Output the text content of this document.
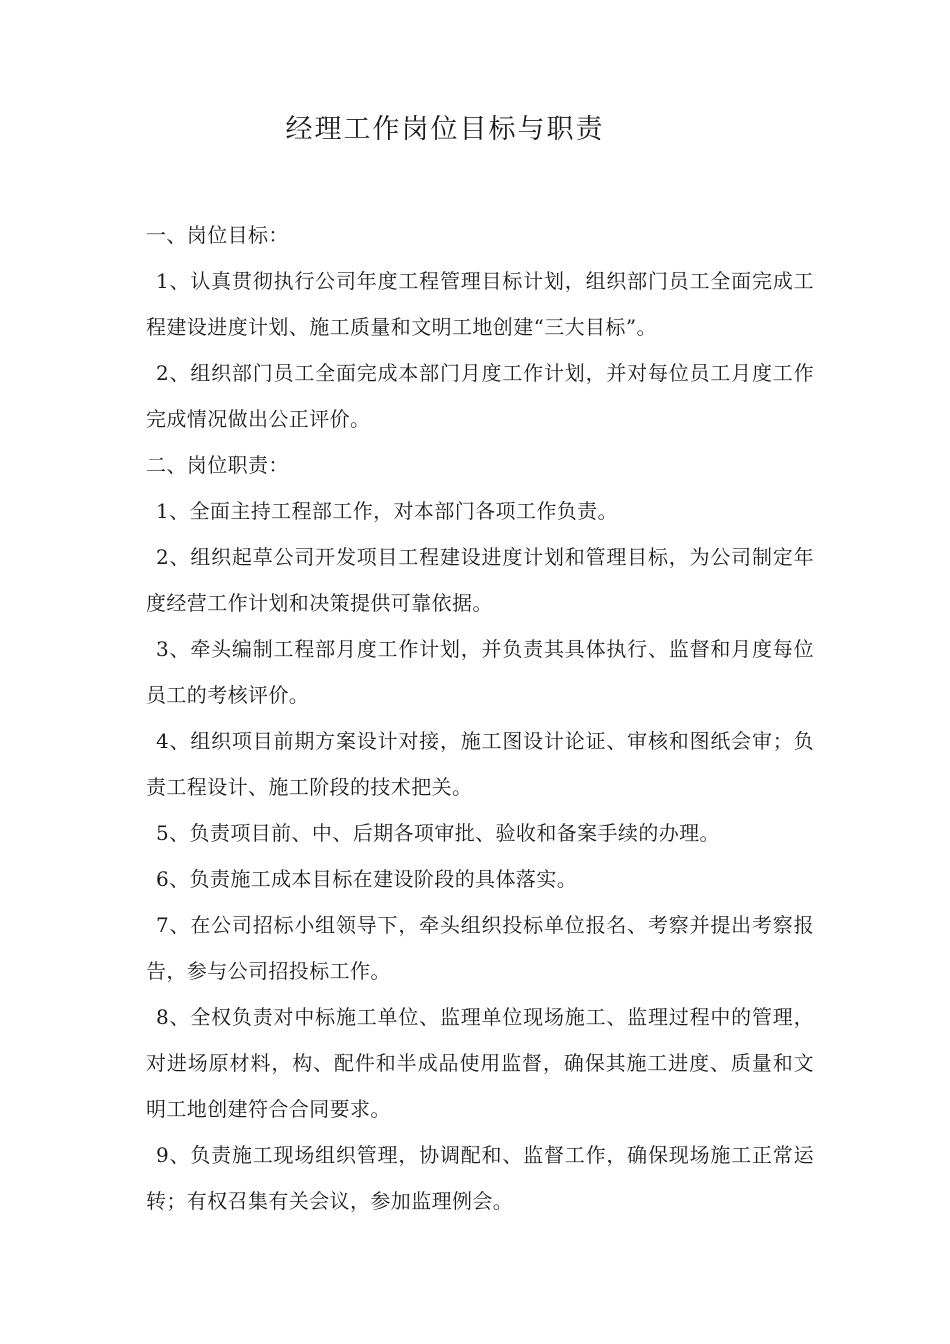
经理工作岗位目标与职责

一、岗位目标：

1、认真贯彻执行公司年度工程管理目标计划，组织部门员工全面完成工程建设进度计划、施工质量和文明工地创建“三大目标”。

2、组织部门员工全面完成本部门月度工作计划，并对每位员工月度工作完成情况做出公正评价。

二、岗位职责：

1、全面主持工程部工作，对本部门各项工作负责。

2、组织起草公司开发项目工程建设进度计划和管理目标，为公司制定年度经营工作计划和决策提供可靠依据。

3、牵头编制工程部月度工作计划，并负责其具体执行、监督和月度每位员工的考核评价。

4、组织项目前期方案设计对接，施工图设计论证、审核和图纸会审；负责工程设计、施工阶段的技术把关。

5、负责项目前、中、后期各项审批、验收和备案手续的办理。

6、负责施工成本目标在建设阶段的具体落实。

7、在公司招标小组领导下，牵头组织投标单位报名、考察并提出考察报告，参与公司招投标工作。

8、全权负责对中标施工单位、监理单位现场施工、监理过程中的管理，对进场原材料，构、配件和半成品使用监督，确保其施工进度、质量和文明工地创建符合合同要求。

9、负责施工现场组织管理，协调配和、监督工作，确保现场施工正常运转；有权召集有关会议，参加监理例会。
